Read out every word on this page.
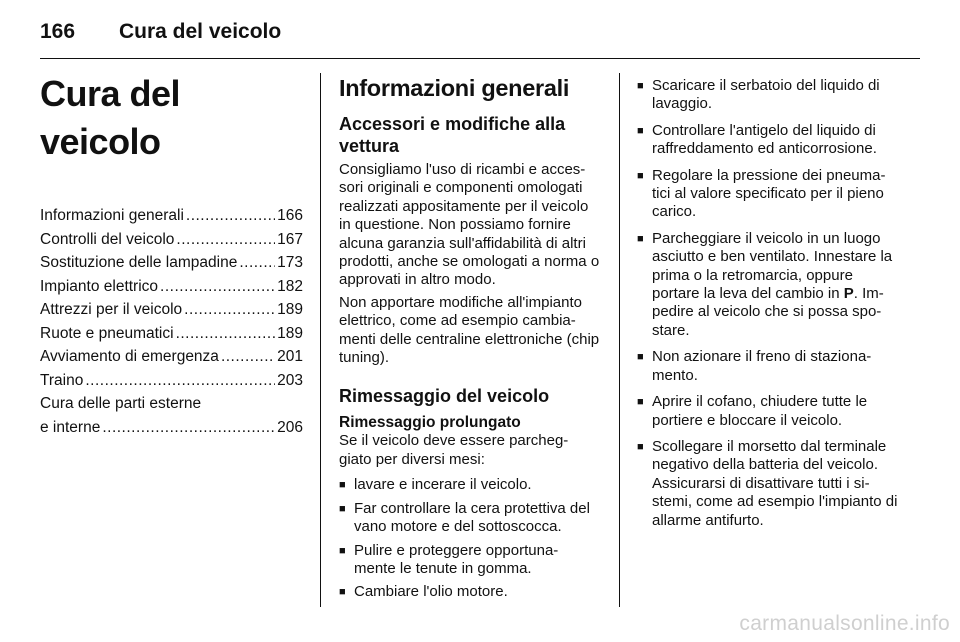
166 Cura del veicolo
Cura del veicolo
Informazioni generali .....	166
Controlli del veicolo .....	167
Sostituzione delle lampadine .....	173
Impianto elettrico .....	182
Attrezzi per il veicolo .....	189
Ruote e pneumatici .....	189
Avviamento di emergenza .....	201
Traino .....	203
Cura delle parti esterne
e interne .....	206
Informazioni generali
Accessori e modifiche alla vettura

Consigliamo l'uso di ricambi e acces- sori originali e componenti omologati realizzati appositamente per il veicolo in questione. Non possiamo fornire alcuna garanzia sull'affidabilità di altri prodotti, anche se omologati a norma o approvati in altro modo.

Non apportare modifiche all'impianto elettrico, come ad esempio cambia- menti delle centraline elettroniche (chip tuning).

Rimessaggio del veicolo
Rimessaggio prolungato

Se il veicolo deve essere parcheg- giato per diversi mesi:

■ lavare e incerare il veicolo.
■ Far controllare la cera protettiva del vano motore e del sottoscocca.
■ Pulire e proteggere opportuna- mente le tenute in gomma.
■ Cambiare l'olio motore.
■ Scaricare il serbatoio del liquido di lavaggio.
■ Controllare l'antigelo del liquido di raffreddamento ed anticorrosione.
■ Regolare la pressione dei pneuma- tici al valore specificato per il pieno carico.
■ Parcheggiare il veicolo in un luogo asciutto e ben ventilato. Innestare la prima o la retromarcia, oppure portare la leva del cambio in P. Im- pedire al veicolo che si possa spo- stare.
■ Non azionare il freno di staziona- mento.
■ Aprire il cofano, chiudere tutte le portiere e bloccare il veicolo.
■ Scollegare il morsetto dal terminale negativo della batteria del veicolo. Assicurarsi di disattivare tutti i si- stemi, come ad esempio l'impianto di allarme antifurto.
carmanualsonline.info
